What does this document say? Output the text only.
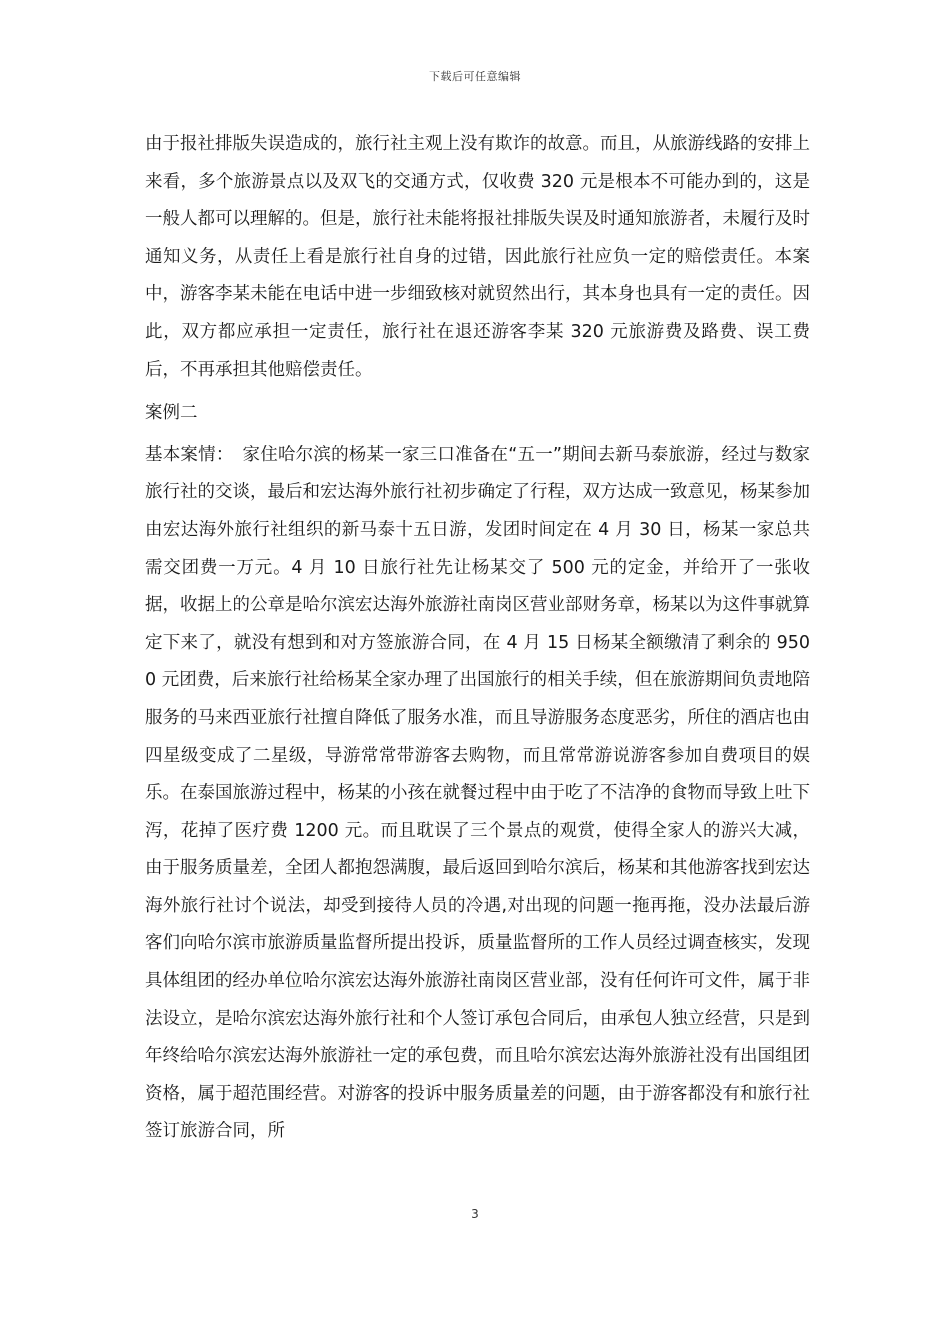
下载后可任意编辑

由于报社排版失误造成的，旅行社主观上没有欺诈的故意。而且，从旅游线路的安排上来看，多个旅游景点以及双飞的交通方式，仅收费 320 元是根本不可能办到的，这是一般人都可以理解的。但是，旅行社未能将报社排版失误及时通知旅游者，未履行及时通知义务，从责任上看是旅行社自身的过错，因此旅行社应负一定的赔偿责任。本案中，游客李某未能在电话中进一步细致核对就贸然出行，其本身也具有一定的责任。因此，双方都应承担一定责任，旅行社在退还游客李某 320 元旅游费及路费、误工费后，不再承担其他赔偿责任。

案例二

基本案情：　家住哈尔滨的杨某一家三口准备在“五一”期间去新马泰旅游，经过与数家旅行社的交谈，最后和宏达海外旅行社初步确定了行程，双方达成一致意见，杨某参加由宏达海外旅行社组织的新马泰十五日游，发团时间定在 4 月 30 日，杨某一家总共需交团费一万元。4 月 10 日旅行社先让杨某交了 500 元的定金，并给开了一张收据，收据上的公章是哈尔滨宏达海外旅游社南岗区营业部财务章，杨某以为这件事就算定下来了，就没有想到和对方签旅游合同，在 4 月 15 日杨某全额缴清了剩余的 9500 元团费，后来旅行社给杨某全家办理了出国旅行的相关手续，但在旅游期间负责地陪服务的马来西亚旅行社擅自降低了服务水准，而且导游服务态度恶劣，所住的酒店也由四星级变成了二星级，导游常常带游客去购物，而且常常游说游客参加自费项目的娱乐。在泰国旅游过程中，杨某的小孩在就餐过程中由于吃了不洁净的食物而导致上吐下泻，花掉了医疗费 1200 元。而且耽误了三个景点的观赏，使得全家人的游兴大减，由于服务质量差，全团人都抱怨满腹，最后返回到哈尔滨后，杨某和其他游客找到宏达海外旅行社讨个说法，却受到接待人员的冷遇,对出现的问题一拖再拖，没办法最后游客们向哈尔滨市旅游质量监督所提出投诉，质量监督所的工作人员经过调查核实，发现具体组团的经办单位哈尔滨宏达海外旅游社南岗区营业部，没有任何许可文件，属于非法设立，是哈尔滨宏达海外旅行社和个人签订承包合同后，由承包人独立经营，只是到年终给哈尔滨宏达海外旅游社一定的承包费，而且哈尔滨宏达海外旅游社没有出国组团资格，属于超范围经营。对游客的投诉中服务质量差的问题，由于游客都没有和旅行社签订旅游合同，所

3
